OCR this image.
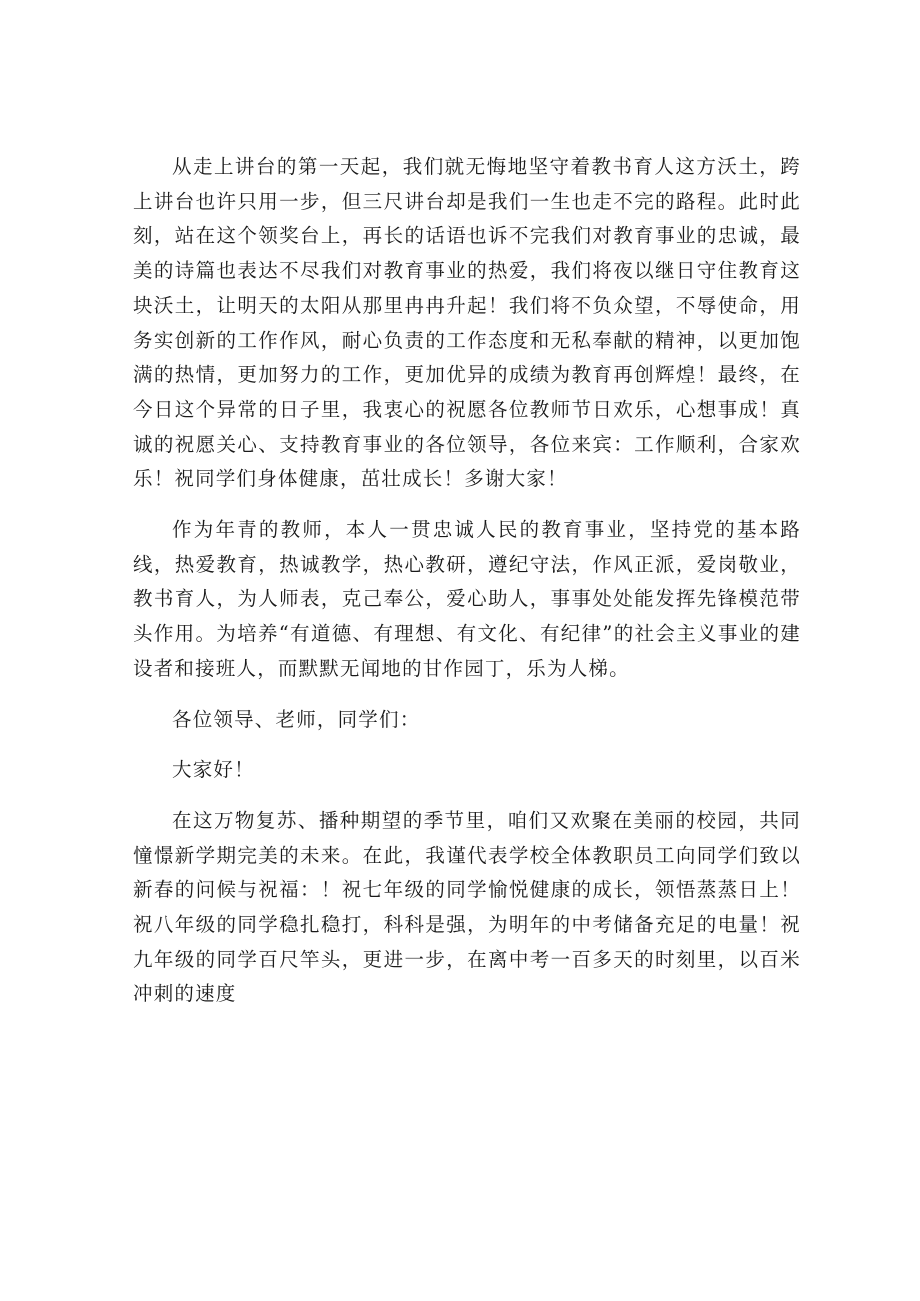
从走上讲台的第一天起，我们就无悔地坚守着教书育人这方沃土，跨上讲台也许只用一步，但三尺讲台却是我们一生也走不完的路程。此时此刻，站在这个领奖台上，再长的话语也诉不完我们对教育事业的忠诚，最美的诗篇也表达不尽我们对教育事业的热爱，我们将夜以继日守住教育这块沃土，让明天的太阳从那里冉冉升起！我们将不负众望，不辱使命，用务实创新的工作作风，耐心负责的工作态度和无私奉献的精神，以更加饱满的热情，更加努力的工作，更加优异的成绩为教育再创辉煌！最终，在今日这个异常的日子里，我衷心的祝愿各位教师节日欢乐，心想事成！真诚的祝愿关心、支持教育事业的各位领导，各位来宾：工作顺利，合家欢乐！祝同学们身体健康，茁壮成长！多谢大家！

作为年青的教师，本人一贯忠诚人民的教育事业，坚持党的基本路线，热爱教育，热诚教学，热心教研，遵纪守法，作风正派，爱岗敬业，教书育人，为人师表，克己奉公，爱心助人，事事处处能发挥先锋模范带头作用。为培养“有道德、有理想、有文化、有纪律”的社会主义事业的建设者和接班人，而默默无闻地的甘作园丁，乐为人梯。

各位领导、老师，同学们：

大家好！

在这万物复苏、播种期望的季节里，咱们又欢聚在美丽的校园，共同憧憬新学期完美的未来。在此，我谨代表学校全体教职员工向同学们致以新春的问候与祝福：！祝七年级的同学愉悦健康的成长，领悟蒸蒸日上！祝八年级的同学稳扎稳打，科科是强，为明年的中考储备充足的电量！祝九年级的同学百尺竿头，更进一步，在离中考一百多天的时刻里，以百米冲刺的速度
